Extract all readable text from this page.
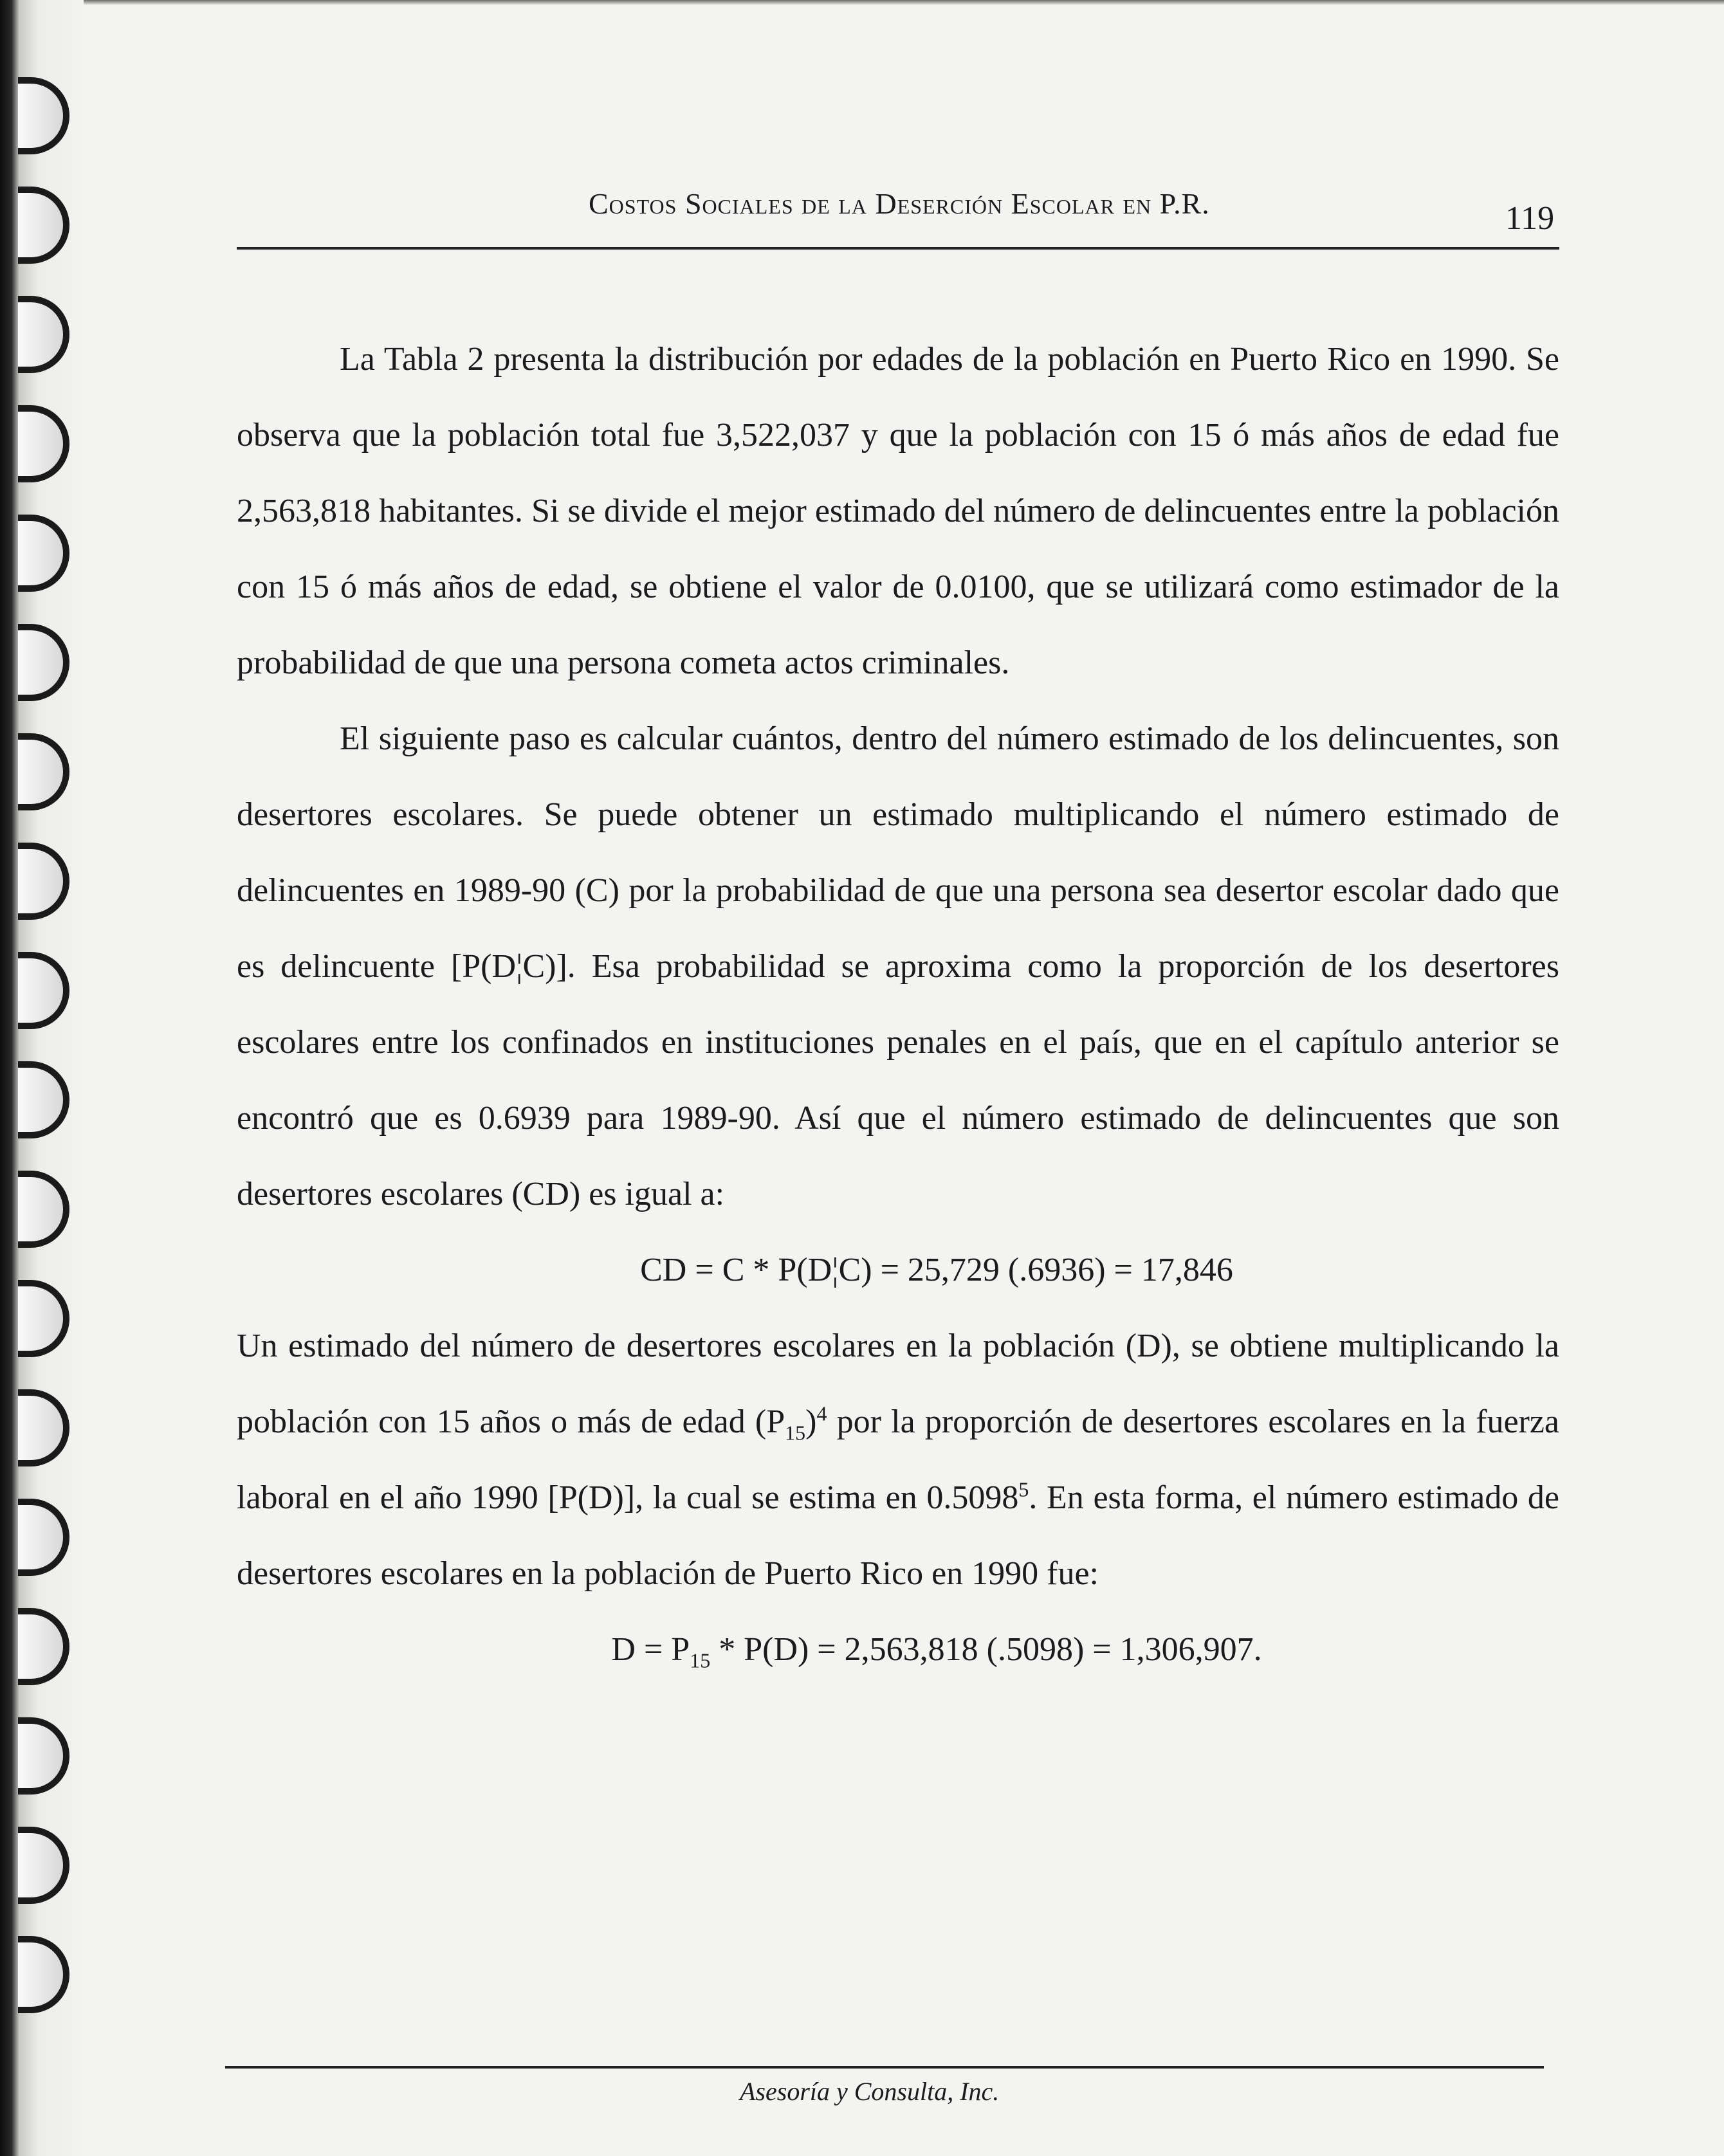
Costos Sociales de la Deserción Escolar en P.R.	119

La Tabla 2 presenta la distribución por edades de la población en Puerto Rico en 1990. Se observa que la población total fue 3,522,037 y que la población con 15 ó más años de edad fue 2,563,818 habitantes. Si se divide el mejor estimado del número de delincuentes entre la población con 15 ó más años de edad, se obtiene el valor de 0.0100, que se utilizará como estimador de la probabilidad de que una persona cometa actos criminales.

El siguiente paso es calcular cuántos, dentro del número estimado de los delincuentes, son desertores escolares. Se puede obtener un estimado multiplicando el número estimado de delincuentes en 1989-90 (C) por la probabilidad de que una persona sea desertor escolar dado que es delincuente [P(D¦C)]. Esa probabilidad se aproxima como la proporción de los desertores escolares entre los confinados en instituciones penales en el país, que en el capítulo anterior se encontró que es 0.6939 para 1989-90. Así que el número estimado de delincuentes que son desertores escolares (CD) es igual a:

CD = C * P(D¦C) = 25,729 (.6936) = 17,846

Un estimado del número de desertores escolares en la población (D), se obtiene multiplicando la población con 15 años o más de edad $(P_{15})^4$ por la proporción de desertores escolares en la fuerza laboral en el año 1990 [P(D)], la cual se estima en 0.5098$^5$. En esta forma, el número estimado de desertores escolares en la población de Puerto Rico en 1990 fue:

$D = P_{15} * P(D) = 2,563,818$ (.5098) = 1,306,907.

Asesoría y Consulta, Inc.
